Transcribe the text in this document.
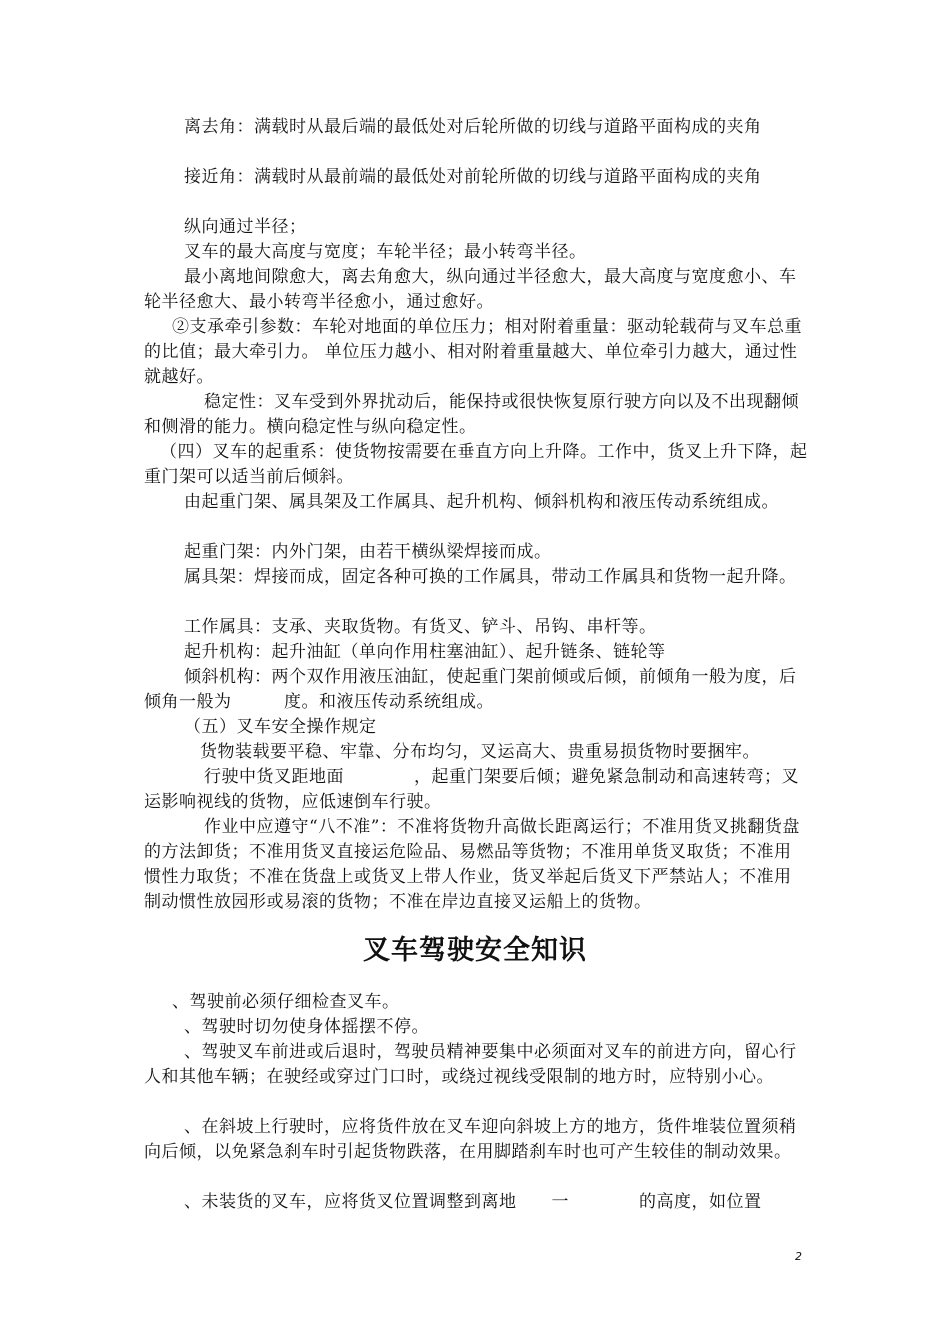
离去角：满载时从最后端的最低处对后轮所做的切线与道路平面构成的夹角

接近角：满载时从最前端的最低处对前轮所做的切线与道路平面构成的夹角

纵向通过半径；

叉车的最大高度与宽度；车轮半径；最小转弯半径。

最小离地间隙愈大，离去角愈大，纵向通过半径愈大，最大高度与宽度愈小、车轮半径愈大、最小转弯半径愈小，通过愈好。

②支承牵引参数：车轮对地面的单位压力；相对附着重量：驱动轮载荷与叉车总重的比值；最大牵引力。 单位压力越小、相对附着重量越大、单位牵引力越大，通过性就越好。

稳定性：叉车受到外界扰动后，能保持或很快恢复原行驶方向以及不出现翻倾和侧滑的能力。横向稳定性与纵向稳定性。

（四）叉车的起重系：使货物按需要在垂直方向上升降。工作中，货叉上升下降，起重门架可以适当前后倾斜。

由起重门架、属具架及工作属具、起升机构、倾斜机构和液压传动系统组成。

起重门架：内外门架，由若干横纵梁焊接而成。

属具架：焊接而成，固定各种可换的工作属具，带动工作属具和货物一起升降。

工作属具：支承、夹取货物。有货叉、铲斗、吊钩、串杆等。

起升机构：起升油缸（单向作用柱塞油缸）、起升链条、链轮等

倾斜机构：两个双作用液压油缸，使起重门架前倾或后倾，前倾角一般为度，后倾角一般为　　　度。和液压传动系统组成。

（五）叉车安全操作规定

货物装载要平稳、牢靠、分布均匀，叉运高大、贵重易损货物时要捆牢。

行驶中货叉距地面　　　　，起重门架要后倾；避免紧急制动和高速转弯；叉运影响视线的货物，应低速倒车行驶。

作业中应遵守“八不准”：不准将货物升高做长距离运行；不准用货叉挑翻货盘的方法卸货；不准用货叉直接运危险品、易燃品等货物；不准用单货叉取货；不准用惯性力取货；不准在货盘上或货叉上带人作业，货叉举起后货叉下严禁站人；不准用制动惯性放园形或易滚的货物；不准在岸边直接叉运船上的货物。

叉车驾驶安全知识

、驾驶前必须仔细检查叉车。

、驾驶时切勿使身体摇摆不停。

、驾驶叉车前进或后退时，驾驶员精神要集中必须面对叉车的前进方向，留心行人和其他车辆；在驶经或穿过门口时，或绕过视线受限制的地方时，应特别小心。

、在斜坡上行驶时，应将货件放在叉车迎向斜坡上方的地方，货件堆装位置须稍向后倾，以免紧急刹车时引起货物跌落，在用脚踏刹车时也可产生较佳的制动效果。

、未装货的叉车，应将货叉位置调整到离地　　一　　　　的高度，如位置

2
